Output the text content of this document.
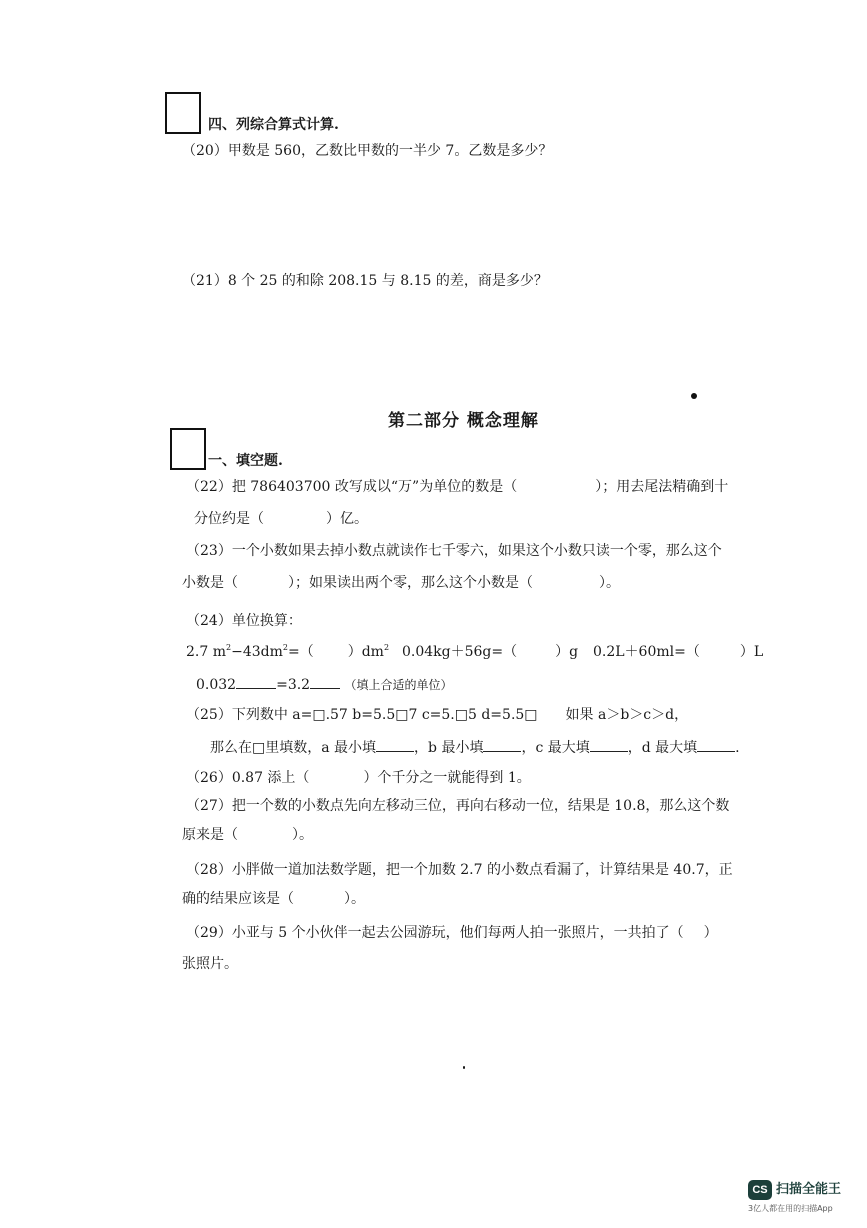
四、列综合算式计算.
（20）甲数是 560，乙数比甲数的一半少 7。乙数是多少？
（21）8 个 25 的和除 208.15 与 8.15 的差，商是多少？
第二部分 概念理解
一、填空题.
（22）把 786403700 改写成以“万”为单位的数是（	）；用去尾法精确到十
分位约是（	）亿。
（23）一个小数如果去掉小数点就读作七千零六，如果这个小数只读一个零，那么这个
小数是（	）；如果读出两个零，那么这个小数是（	）。
（24）单位换算：
2.7 $m^2-43dm^2=$（ ）$dm^2$ 0.04kg＋56g=（	）g 0.2L＋60ml=（	）L
0.032	=3.2	（填上合适的单位）
（25）下列数中 a=□.57 b=5.5□7 c=5.□5 d=5.5□ 如果 a＞b＞c＞d，
那么在□里填数，a 最小填	，b 最小填	，c 最大填	，d 最大填	.
（26）0.87 添上（	）个千分之一就能得到 1。
（27）把一个数的小数点先向左移动三位，再向右移动一位，结果是 10.8，那么这个数
原来是（	）。
（28）小胖做一道加法数学题，把一个加数 2.7 的小数点看漏了，计算结果是 40.7，正
确的结果应该是（	）。
（29）小亚与 5 个小伙伴一起去公园游玩，他们每两人拍一张照片，一共拍了（ ）
张照片。
CS 扫描全能王
3亿人都在用的扫描App
